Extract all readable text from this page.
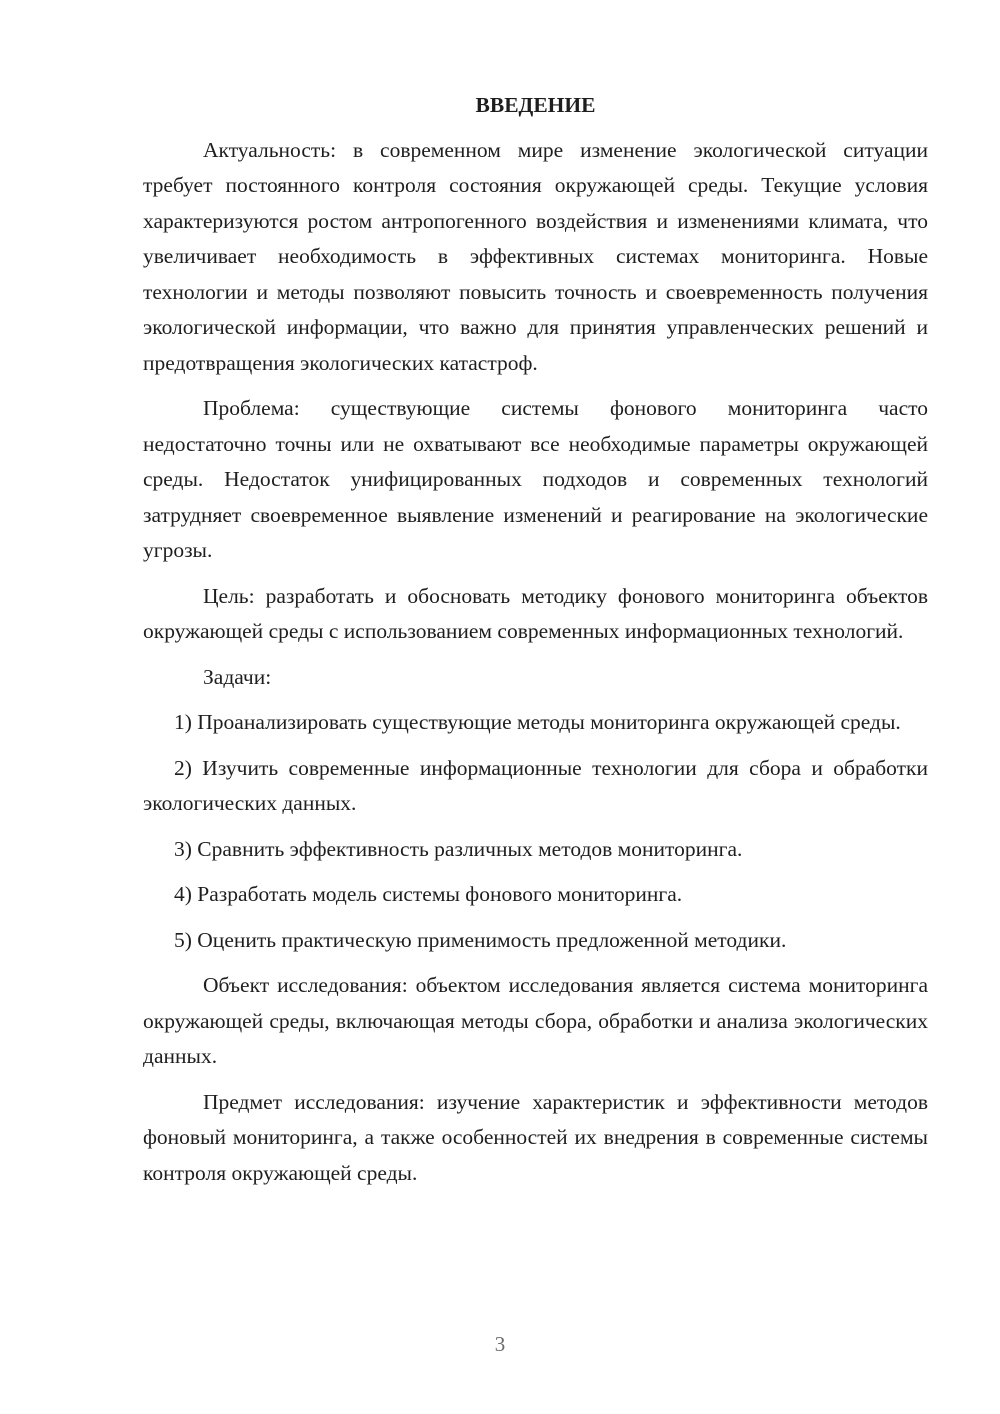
ВВЕДЕНИЕ

Актуальность: в современном мире изменение экологической ситуации требует постоянного контроля состояния окружающей среды. Текущие условия характеризуются ростом антропогенного воздействия и изменениями климата, что увеличивает необходимость в эффективных системах мониторинга. Новые технологии и методы позволяют повысить точность и своевременность получения экологической информации, что важно для принятия управленческих решений и предотвращения экологических катастроф.

Проблема: существующие системы фонового мониторинга часто недостаточно точны или не охватывают все необходимые параметры окружающей среды. Недостаток унифицированных подходов и современных технологий затрудняет своевременное выявление изменений и реагирование на экологические угрозы.

Цель: разработать и обосновать методику фонового мониторинга объектов окружающей среды с использованием современных информационных технологий.

Задачи:

1) Проанализировать существующие методы мониторинга окружающей среды.

2) Изучить современные информационные технологии для сбора и обработки экологических данных.

3) Сравнить эффективность различных методов мониторинга.

4) Разработать модель системы фонового мониторинга.

5) Оценить практическую применимость предложенной методики.

Объект исследования: объектом исследования является система мониторинга окружающей среды, включающая методы сбора, обработки и анализа экологических данных.

Предмет исследования: изучение характеристик и эффективности методов фоновый мониторинга, а также особенностей их внедрения в современные системы контроля окружающей среды.

3
